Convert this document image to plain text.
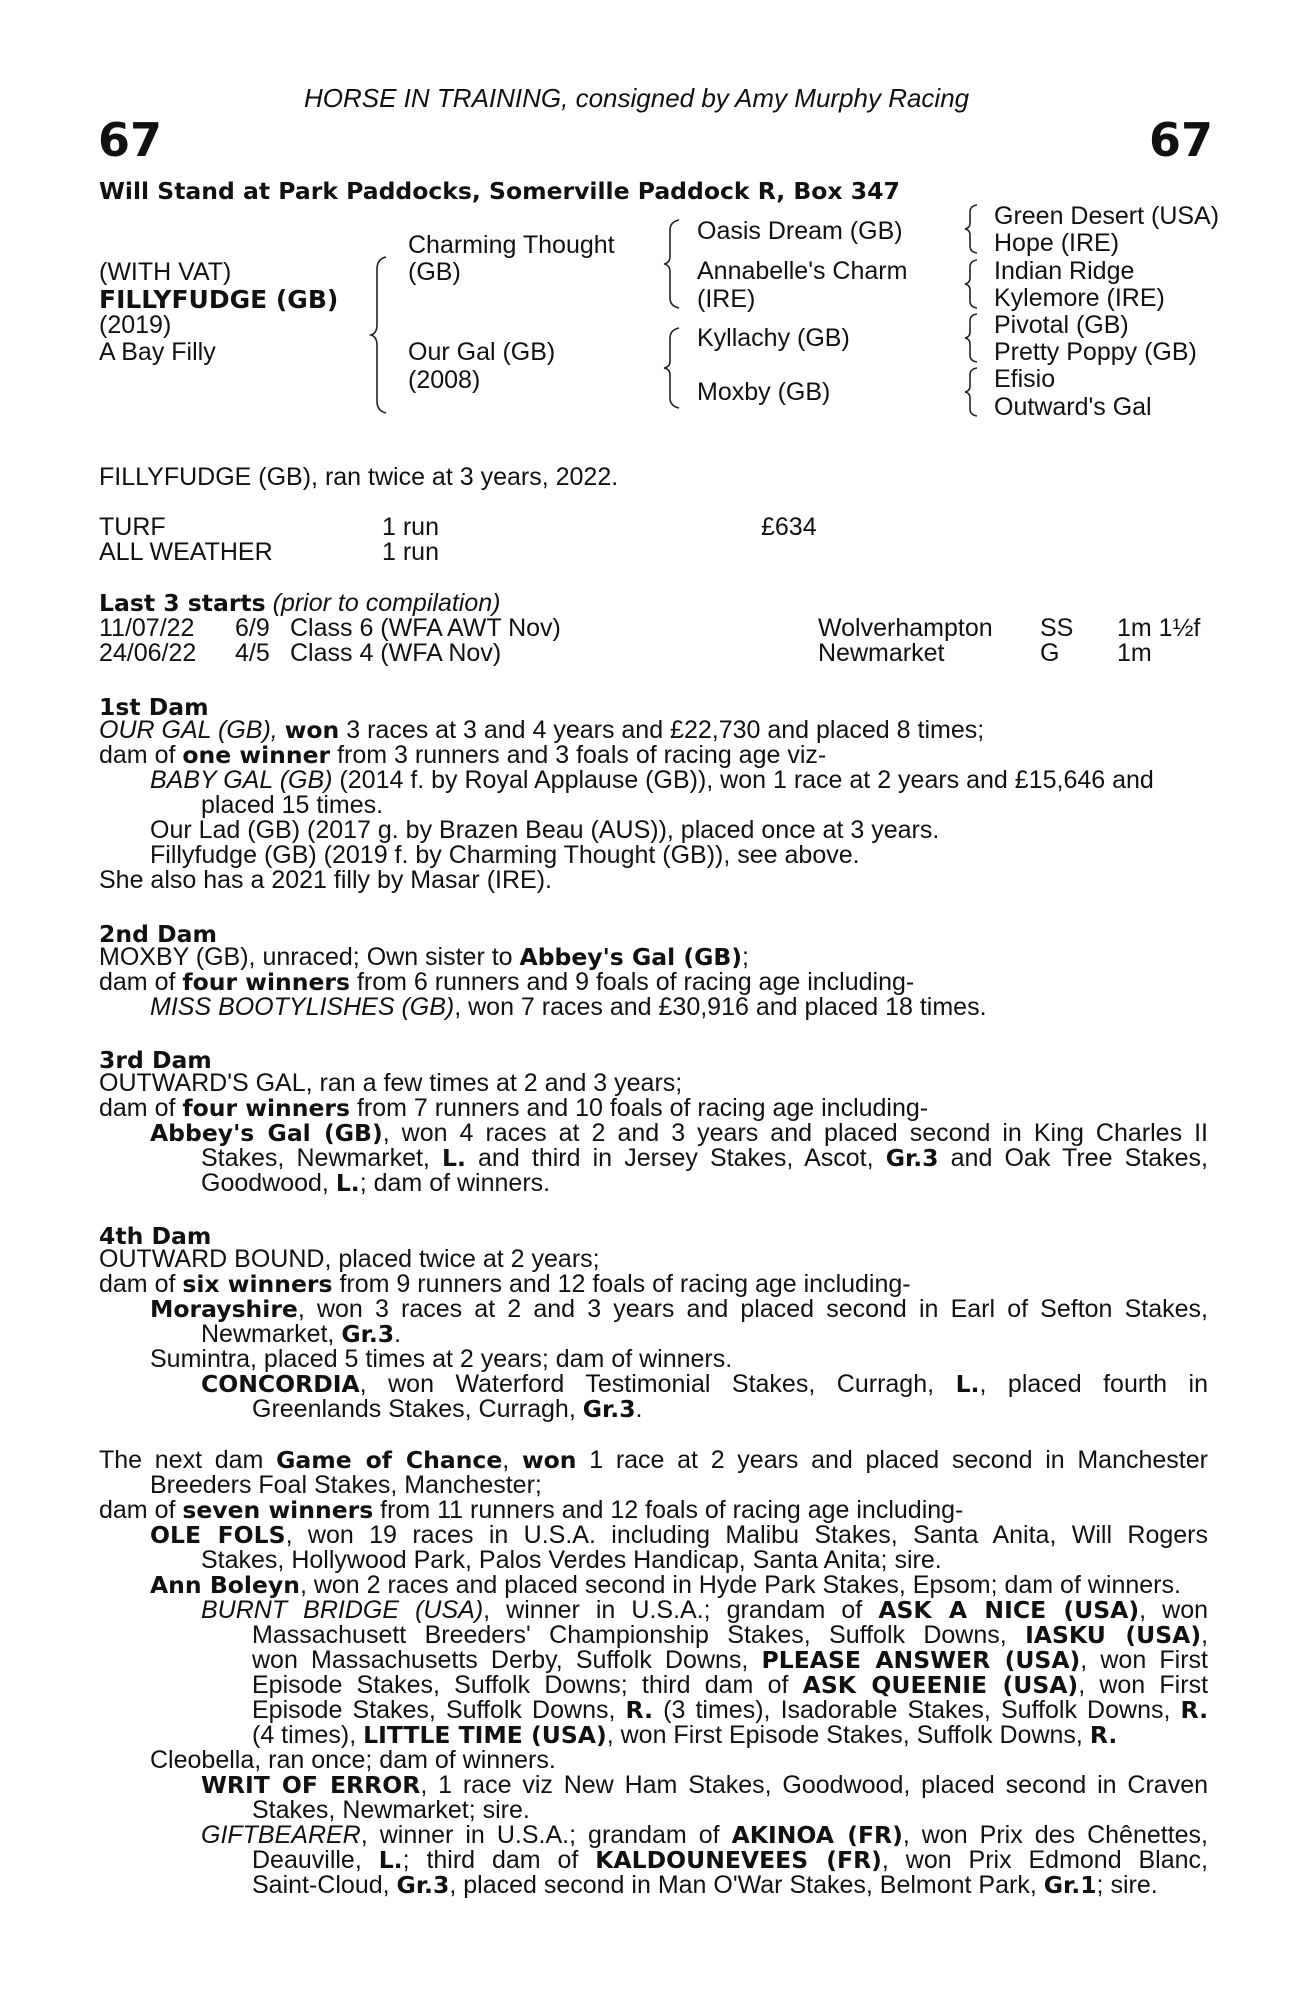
HORSE IN TRAINING, consigned by Amy Murphy Racing
67	67
Will Stand at Park Paddocks, Somerville Paddock R, Box 347
(WITH VAT)
FILLYFUDGE (GB)
(2019)
A Bay Filly
Charming Thought
(GB)
Our Gal (GB)
(2008)
Oasis Dream (GB)
Annabelle's Charm
(IRE)
Kyllachy (GB)
Moxby (GB)
Green Desert (USA)
Hope (IRE)
Indian Ridge
Kylemore (IRE)
Pivotal (GB)
Pretty Poppy (GB)
Efisio
Outward's Gal
FILLYFUDGE (GB), ran twice at 3 years, 2022.
TURF	1 run	£634
ALL WEATHER	1 run
Last 3 starts (prior to compilation)
11/07/22 6/9 Class 6 (WFA AWT Nov)	Wolverhampton SS 1m 1½f
24/06/22 4/5 Class 4 (WFA Nov)	Newmarket	G 1m
1st Dam
OUR GAL (GB), won 3 races at 3 and 4 years and £22,730 and placed 8 times;
dam of one winner from 3 runners and 3 foals of racing age viz-
BABY GAL (GB) (2014 f. by Royal Applause (GB)), won 1 race at 2 years and £15,646 and
placed 15 times.
Our Lad (GB) (2017 g. by Brazen Beau (AUS)), placed once at 3 years.
Fillyfudge (GB) (2019 f. by Charming Thought (GB)), see above.
She also has a 2021 filly by Masar (IRE).
2nd Dam
MOXBY (GB), unraced; Own sister to Abbey's Gal (GB);
dam of four winners from 6 runners and 9 foals of racing age including-
MISS BOOTYLISHES (GB), won 7 races and £30,916 and placed 18 times.
3rd Dam
OUTWARD'S GAL, ran a few times at 2 and 3 years;
dam of four winners from 7 runners and 10 foals of racing age including-
Abbey's Gal (GB), won 4 races at 2 and 3 years and placed second in King Charles II
Stakes, Newmarket, L. and third in Jersey Stakes, Ascot, Gr.3 and Oak Tree Stakes,
Goodwood, L.; dam of winners.
4th Dam
OUTWARD BOUND, placed twice at 2 years;
dam of six winners from 9 runners and 12 foals of racing age including-
Morayshire, won 3 races at 2 and 3 years and placed second in Earl of Sefton Stakes,
Newmarket, Gr.3.
Sumintra, placed 5 times at 2 years; dam of winners.
CONCORDIA, won Waterford Testimonial Stakes, Curragh, L., placed fourth in
Greenlands Stakes, Curragh, Gr.3.
The next dam Game of Chance, won 1 race at 2 years and placed second in Manchester
Breeders Foal Stakes, Manchester;
dam of seven winners from 11 runners and 12 foals of racing age including-
OLE FOLS, won 19 races in U.S.A. including Malibu Stakes, Santa Anita, Will Rogers
Stakes, Hollywood Park, Palos Verdes Handicap, Santa Anita; sire.
Ann Boleyn, won 2 races and placed second in Hyde Park Stakes, Epsom; dam of winners.
BURNT BRIDGE (USA), winner in U.S.A.; grandam of ASK A NICE (USA), won
Massachusett Breeders' Championship Stakes, Suffolk Downs, IASKU (USA),
won Massachusetts Derby, Suffolk Downs, PLEASE ANSWER (USA), won First
Episode Stakes, Suffolk Downs; third dam of ASK QUEENIE (USA), won First
Episode Stakes, Suffolk Downs, R. (3 times), Isadorable Stakes, Suffolk Downs, R.
(4 times), LITTLE TIME (USA), won First Episode Stakes, Suffolk Downs, R.
Cleobella, ran once; dam of winners.
WRIT OF ERROR, 1 race viz New Ham Stakes, Goodwood, placed second in Craven
Stakes, Newmarket; sire.
GIFTBEARER, winner in U.S.A.; grandam of AKINOA (FR), won Prix des Chênettes,
Deauville, L.; third dam of KALDOUNEVEES (FR), won Prix Edmond Blanc,
Saint-Cloud, Gr.3, placed second in Man O'War Stakes, Belmont Park, Gr.1; sire.
